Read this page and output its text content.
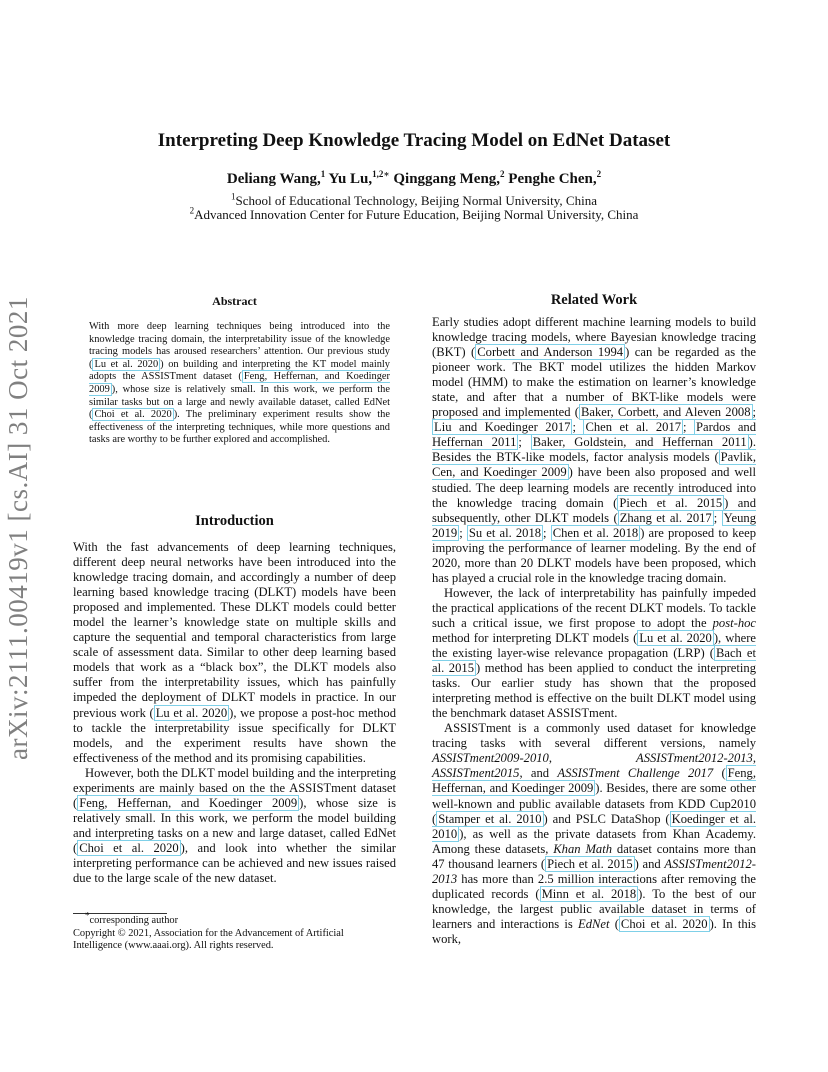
Interpreting Deep Knowledge Tracing Model on EdNet Dataset
Deliang Wang,$^1$ Yu Lu,$^{1,2∗}$ Qinggang Meng,$^2$ Penghe Chen,$^2$
$^1$School of Educational Technology, Beijing Normal University, China
$^2$Advanced Innovation Center for Future Education, Beijing Normal University, China
arXiv:2111.00419v1 [cs.AI] 31 Oct 2021	Abstract

With more deep learning techniques being introduced into the knowledge tracing domain, the interpretability issue of the knowledge tracing models has aroused researchers’ attention. Our previous study ( Lu et al. 2020 ) on building and interpreting the KT model mainly adopts the ASSISTment dataset ( Feng, Heffernan, and Koedinger 2009 ), whose size is relatively small. In this work, we perform the similar tasks but on a large and newly available dataset, called EdNet ( Choi et al. 2020 ). The preliminary experiment results show the effectiveness of the interpreting techniques, while more questions and tasks are worthy to be further explored and accomplished.

Introduction

With the fast advancements of deep learning techniques, different deep neural networks have been introduced into the knowledge tracing domain, and accordingly a number of deep learning based knowledge tracing (DLKT) models have been proposed and implemented. These DLKT models could better model the learner’s knowledge state on multiple skills and capture the sequential and temporal characteristics from large scale of assessment data. Similar to other deep learning based models that work as a “black box”, the DLKT models also suffer from the interpretability issues, which has painfully impeded the deployment of DLKT models in practice. In our previous work ( Lu et al. 2020 ), we propose a post-hoc method to tackle the interpretability issue specifically for DLKT models, and the experiment results have shown the effectiveness of the method and its promising capabilities.

However, both the DLKT model building and the interpreting experiments are mainly based on the the ASSISTment dataset ( Feng, Heffernan, and Koedinger 2009 ), whose size is relatively small. In this work, we perform the model building and interpreting tasks on a new and large dataset, called EdNet ( Choi et al. 2020 ), and look into whether the similar interpreting performance can be achieved and new issues raised due to the large scale of the new dataset.

*corresponding author

Copyright © 2021, Association for the Advancement of Artificial

Intelligence (www.aaai.org). All rights reserved.

Related Work

Early studies adopt different machine learning models to build knowledge tracing models, where Bayesian knowledge tracing (BKT) ( Corbett and Anderson 1994 ) can be regarded as the pioneer work. The BKT model utilizes the hidden Markov model (HMM) to make the estimation on learner’s knowledge state, and after that a number of BKT-like models were proposed and implemented ( Baker, Corbett, and Aleven 2008 ; Liu and Koedinger 2017 ; Chen et al. 2017 ; Pardos and Heffernan 2011 ; Baker, Goldstein, and Heffernan 2011 ). Besides the BTK-like models, factor analysis models ( Pavlik, Cen, and Koedinger 2009 ) have been also proposed and well studied. The deep learning models are recently introduced into the knowledge tracing domain ( Piech et al. 2015 ) and subsequently, other DLKT models ( Zhang et al. 2017 ; Yeung 2019 ; Su et al. 2018 ; Chen et al. 2018 ) are proposed to keep improving the performance of learner modeling. By the end of 2020, more than 20 DLKT models have been proposed, which has played a crucial role in the knowledge tracing domain.

However, the lack of interpretability has painfully impeded the practical applications of the recent DLKT models. To tackle such a critical issue, we first propose to adopt the post-hoc method for interpreting DLKT models ( Lu et al. 2020 ), where the existing layer-wise relevance propagation (LRP) ( Bach et al. 2015 ) method has been applied to conduct the interpreting tasks. Our earlier study has shown that the proposed interpreting method is effective on the built DLKT model using the benchmark dataset ASSISTment.

ASSISTment is a commonly used dataset for knowledge tracing tasks with several different versions, namely ASSISTment2009-2010, ASSISTment2012-2013, ASSISTment2015, and ASSISTment Challenge 2017 ( Feng, Heffernan, and Koedinger 2009 ). Besides, there are some other well-known and public available datasets from KDD Cup2010 ( Stamper et al. 2010 ) and PSLC DataShop ( Koedinger et al. 2010 ), as well as the private datasets from Khan Academy. Among these datasets, Khan Math dataset contains more than 47 thousand learners ( Piech et al. 2015 ) and ASSISTment2012-2013 has more than 2.5 million interactions after removing the duplicated records ( Minn et al. 2018 ). To the best of our knowledge, the largest public available dataset in terms of learners and interactions is EdNet ( Choi et al. 2020 ). In this work,
